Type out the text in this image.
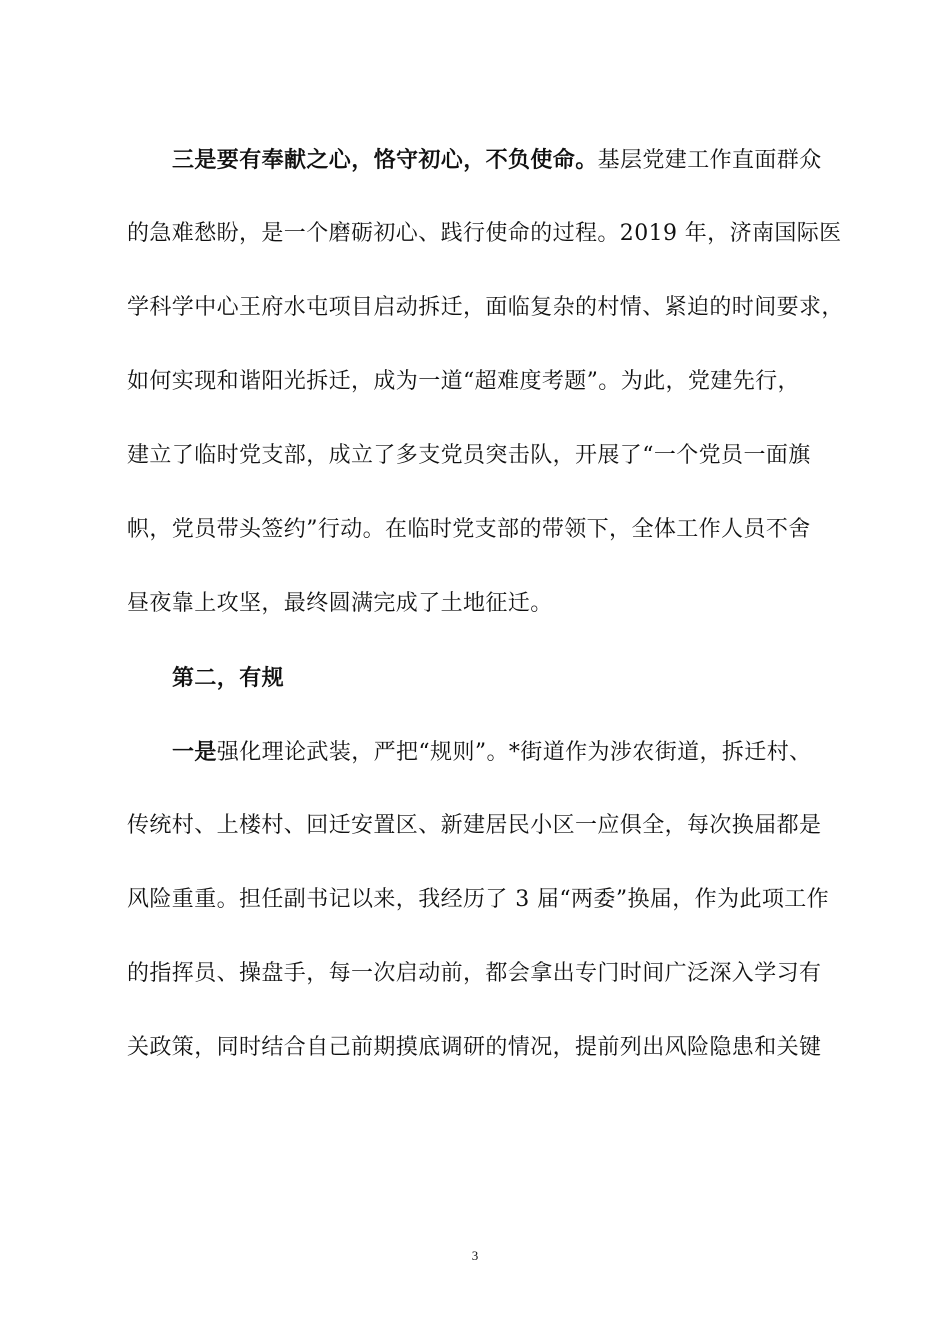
三是要有奉献之心，恪守初心，不负使命。基层党建工作直面群众
的急难愁盼，是一个磨砺初心、践行使命的过程。2019 年，济南国际医
学科学中心王府水屯项目启动拆迁，面临复杂的村情、紧迫的时间要求，
如何实现和谐阳光拆迁，成为一道“超难度考题”。为此，党建先行，
建立了临时党支部，成立了多支党员突击队，开展了“一个党员一面旗
帜，党员带头签约”行动。在临时党支部的带领下，全体工作人员不舍
昼夜靠上攻坚，最终圆满完成了土地征迁。
第二，有规
一是强化理论武装，严把“规则”。*街道作为涉农街道，拆迁村、
传统村、上楼村、回迁安置区、新建居民小区一应俱全，每次换届都是
风险重重。担任副书记以来，我经历了 3 届“两委”换届，作为此项工作
的指挥员、操盘手，每一次启动前，都会拿出专门时间广泛深入学习有
关政策，同时结合自己前期摸底调研的情况，提前列出风险隐患和关键
3
